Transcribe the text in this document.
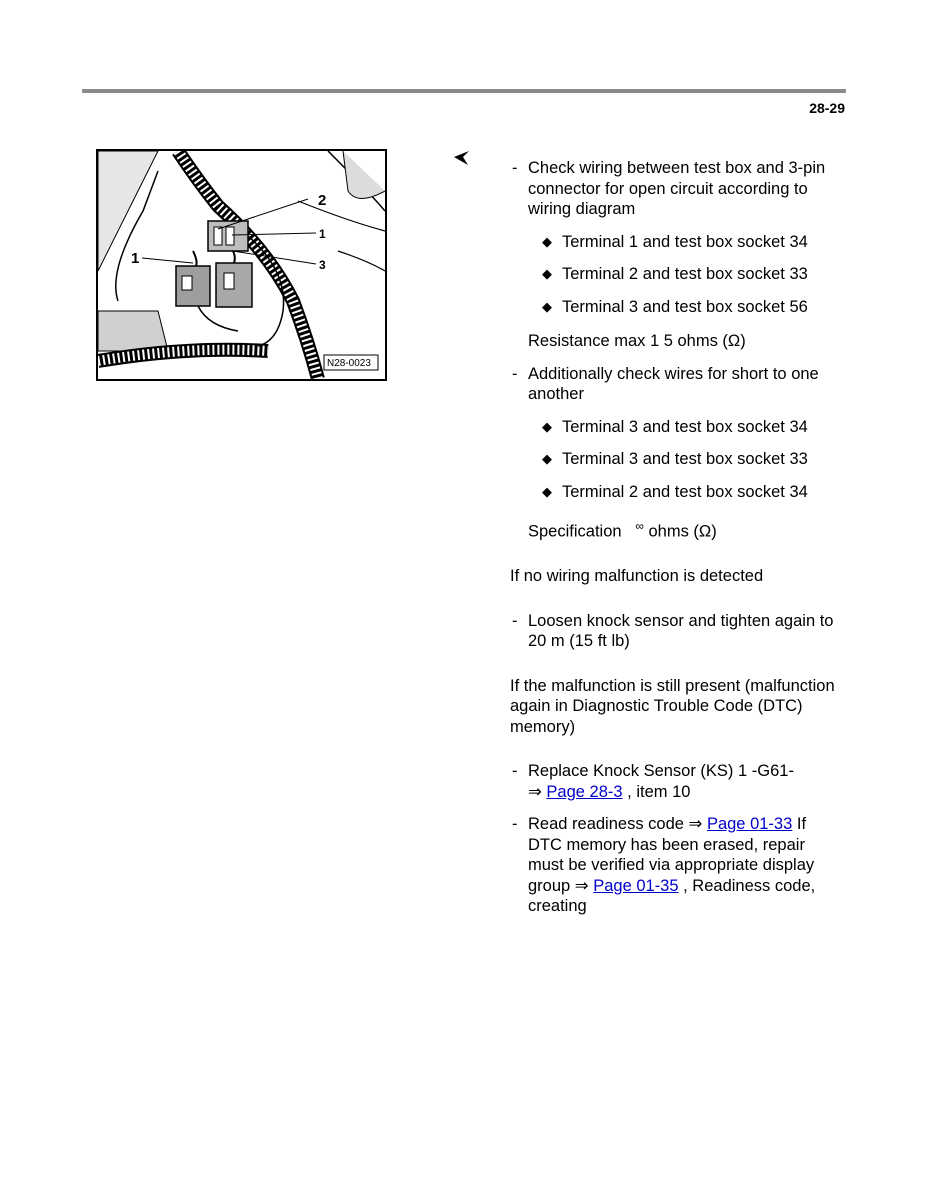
28-29
2
1
3
1
N28-0023
- Check wiring between test box and 3-pin connector for open circuit according to wiring diagram
◆ Terminal 1 and test box socket 34
◆ Terminal 2 and test box socket 33
◆ Terminal 3 and test box socket 56
Resistance max 1 5 ohms (Ω)
- Additionally check wires for short to one another
◆ Terminal 3 and test box socket 34
◆ Terminal 3 and test box socket 33
◆ Terminal 2 and test box socket 34
Specification ∞ ohms (Ω)
If no wiring malfunction is detected
- Loosen knock sensor and tighten again to 20 m (15 ft lb)
If the malfunction is still present (malfunction again in Diagnostic Trouble Code (DTC) memory)
- Replace Knock Sensor (KS) 1 -G61-
⇒ Page 28-3 , item 10
- Read readiness code ⇒ Page 01-33 If DTC memory has been erased, repair must be verified via appropriate display group ⇒ Page 01-35 , Readiness code, creating
